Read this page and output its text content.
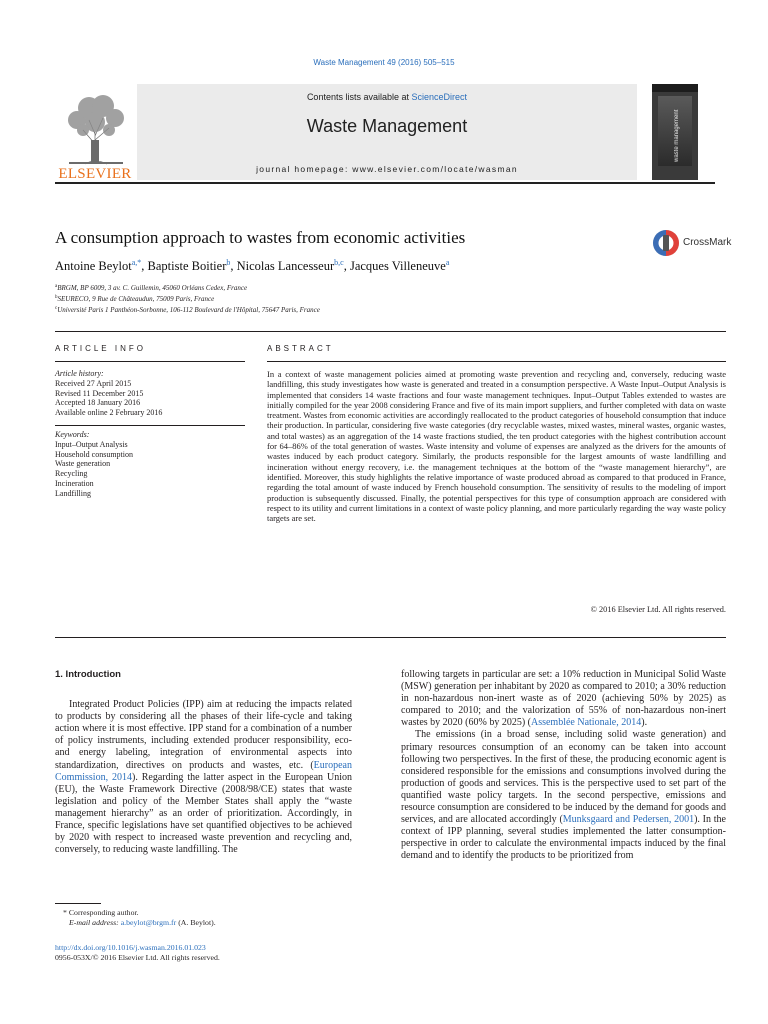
Waste Management 49 (2016) 505–515
ELSEVIER
Contents lists available at ScienceDirect
Waste Management
journal homepage: www.elsevier.com/locate/wasman
waste management
A consumption approach to wastes from economic activities	CrossMark
Antoine Beylot$^{a,*}$, Baptiste Boitier$^b$, Nicolas Lancesseur$^{b,c}$, Jacques Villeneuve$^a$
$^a$BRGM, BP 6009, 3 av. C. Guillemin, 45060 Orléans Cedex, France
$^b$SEURECO, 9 Rue de Châteaudun, 75009 Paris, France
$^c$Université Paris 1 Panthéon-Sorbonne, 106-112 Boulevard de l'Hôpital, 75647 Paris, France
ARTICLE INFO	ABSTRACT
Article history:
Received 27 April 2015
Revised 11 December 2015
Accepted 18 January 2016
Available online 2 February 2016
Keywords:
Input–Output Analysis
Household consumption
Waste generation
Recycling
Incineration
Landfilling
In a context of waste management policies aimed at promoting waste prevention and recycling and, conversely, reducing waste landfilling, this study investigates how waste is generated and treated in a consumption perspective. A Waste Input–Output Analysis is implemented that considers 14 waste fractions and four waste management techniques. Input–Output Tables extended to wastes are initially compiled for the year 2008 considering France and five of its main import suppliers, and further completed with data on waste treatment. Wastes from economic activities are accordingly reallocated to the product categories of household consumption that induce their production. In particular, considering five waste categories (dry recyclable wastes, mixed wastes, mineral wastes, organic wastes, and total wastes) as an aggregation of the 14 waste fractions studied, the ten product categories with the highest contribution account for 64–86% of the total generation of wastes. Waste intensity and volume of expenses are analyzed as the drivers for the amounts of wastes induced by each product category. Similarly, the products responsible for the largest amounts of waste landfilling and incineration without energy recovery, i.e. the management techniques at the bottom of the “waste management hierarchy”, are identified. Moreover, this study highlights the relative importance of waste produced abroad as compared to that produced in France, regarding the total amount of waste induced by French household consumption. The sensitivity of results to the modeling of import production is subsequently discussed. Finally, the potential perspectives for this type of consumption approach are considered with respect to its utility and current limitations in a context of waste policy planning, and more particularly regarding the way waste policy targets are set.
© 2016 Elsevier Ltd. All rights reserved.
1. Introduction

Integrated Product Policies (IPP) aim at reducing the impacts related to products by considering all the phases of their life-cycle and taking action where it is most effective. IPP stand for a combination of a number of policy instruments, including extended producer responsibility, eco- and energy labeling, integration of environmental aspects into standardization, directives on products and wastes, etc. (European Commission, 2014). Regarding the latter aspect in the European Union (EU), the Waste Framework Directive (2008/98/CE) states that waste legislation and policy of the Member States shall apply the “waste management hierarchy” as an order of prioritization. Accordingly, in France, specific legislations have set quantified objectives to be achieved by 2020 with respect to increased waste prevention and recycling and, conversely, to reducing waste landfilling. The

following targets in particular are set: a 10% reduction in Municipal Solid Waste (MSW) generation per inhabitant by 2020 as compared to 2010; a 30% reduction in non-hazardous non-inert waste as of 2020 (achieving 50% by 2025) as compared to 2010; and the valorization of 55% of non-hazardous non-inert wastes by 2020 (60% by 2025) (Assemblée Nationale, 2014).

The emissions (in a broad sense, including solid waste generation) and primary resources consumption of an economy can be taken into account following two perspectives. In the first of these, the producing economic agent is considered responsible for the emissions and consumptions involved during the production of goods and services. This is the perspective used to set part of the quantified waste policy targets. In the second perspective, emissions and resource consumption are considered to be induced by the demand for goods and services, and are allocated accordingly (Munksgaard and Pedersen, 2001). In the context of IPP planning, several studies implemented the latter consumption-perspective in order to calculate the environmental impacts induced by the final demand and to identify the products to be prioritized from

* Corresponding author.
E-mail address: a.beylot@brgm.fr (A. Beylot).
http://dx.doi.org/10.1016/j.wasman.2016.01.023
0956-053X/© 2016 Elsevier Ltd. All rights reserved.
